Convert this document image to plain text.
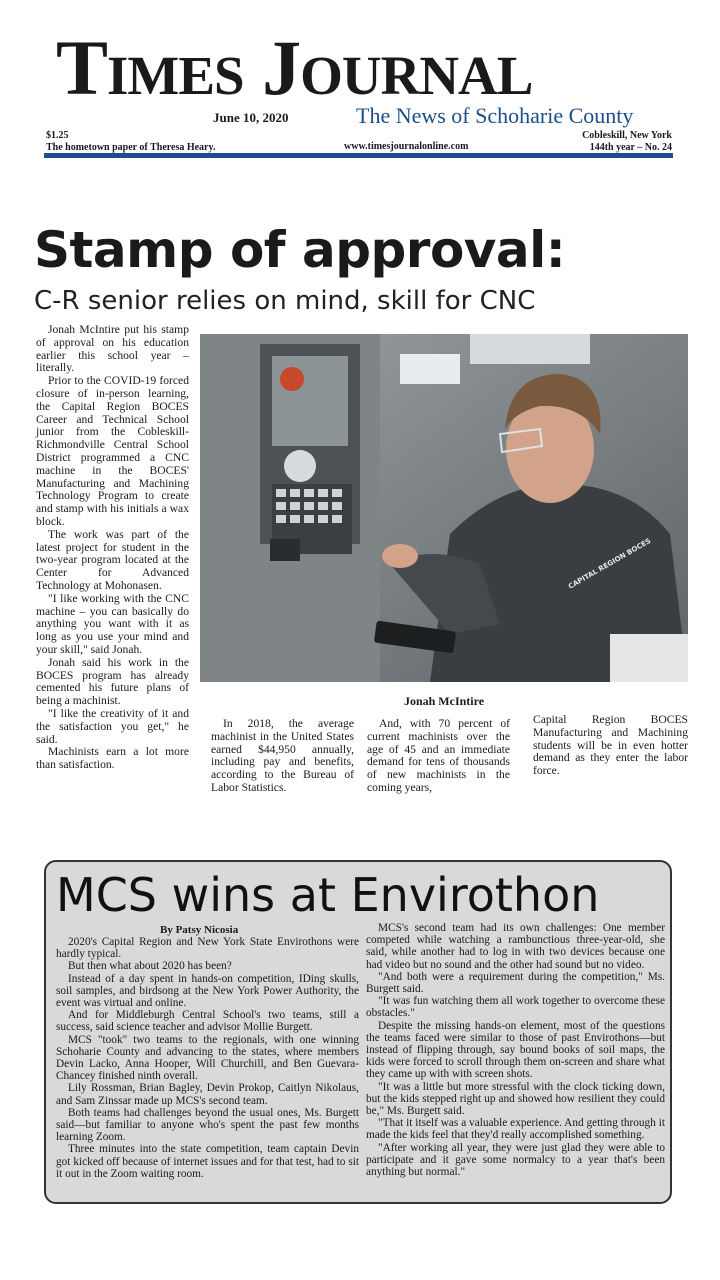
Times Journal
June 10, 2020	The News of Schoharie County
$1.25
The hometown paper of Theresa Heary.	www.timesjournalonline.com
Cobleskill, New York
144th year – No. 24
Stamp of approval:
C-R senior relies on mind, skill for CNC

Jonah McIntire put his stamp of approval on his education earlier this school year – literally.

Prior to the COVID-19 forced closure of in-person learning, the Capital Region BOCES Career and Technical School junior from the Cobleskill-Richmondville Central School District programmed a CNC machine in the BOCES' Manufacturing and Machining Technology Program to create and stamp with his initials a wax block.

The work was part of the latest project for student in the two-year program located at the Center for Advanced Technology at Mohonasen.

"I like working with the CNC machine – you can basically do anything you want with it as long as you use your mind and your skill," said Jonah.

Jonah said his work in the BOCES program has already cemented his future plans of being a machinist.

"I like the creativity of it and the satisfaction you get," he said.

Machinists earn a lot more than satisfaction.

CAPITAL REGION BOCES
Jonah McIntire

In 2018, the average machinist in the United States earned $44,950 annually, including pay and benefits, according to the Bureau of Labor Statistics.

And, with 70 percent of current machinists over the age of 45 and an immediate demand for tens of thousands of new machinists in the coming years,

Capital Region BOCES Manufacturing and Machining students will be in even hotter demand as they enter the labor force.

MCS wins at Envirothon
By Patsy Nicosia

2020's Capital Region and New York State Envirothons were hardly typical.

But then what about 2020 has been?

Instead of a day spent in hands-on competition, IDing skulls, soil samples, and birdsong at the New York Power Authority, the event was virtual and online.

And for Middleburgh Central School's two teams, still a success, said science teacher and advisor Mollie Burgett.

MCS "took" two teams to the regionals, with one winning Schoharie County and advancing to the states, where members Devin Lacko, Anna Hooper, Will Churchill, and Ben Guevara-Chancey finished ninth overall.

Lily Rossman, Brian Bagley, Devin Prokop, Caitlyn Nikolaus, and Sam Zinssar made up MCS's second team.

Both teams had challenges beyond the usual ones, Ms. Burgett said—but familiar to anyone who's spent the past few months learning Zoom.

Three minutes into the state competition, team captain Devin got kicked off because of internet issues and for that test, had to sit it out in the Zoom waiting room.

MCS's second team had its own challenges: One member competed while watching a rambunctious three-year-old, she said, while another had to log in with two devices because one had video but no sound and the other had sound but no video.

"And both were a requirement during the competition," Ms. Burgett said.

"It was fun watching them all work together to overcome these obstacles."

Despite the missing hands-on element, most of the questions the teams faced were similar to those of past Envirothons—but instead of flipping through, say bound books of soil maps, the kids were forced to scroll through them on-screen and share what they came up with with screen shots.

"It was a little but more stressful with the clock ticking down, but the kids stepped right up and showed how resilient they could be," Ms. Burgett said.

"That it itself was a valuable experience. And getting through it made the kids feel that they'd really accomplished something.

"After working all year, they were just glad they were able to participate and it gave some normalcy to a year that's been anything but normal."
